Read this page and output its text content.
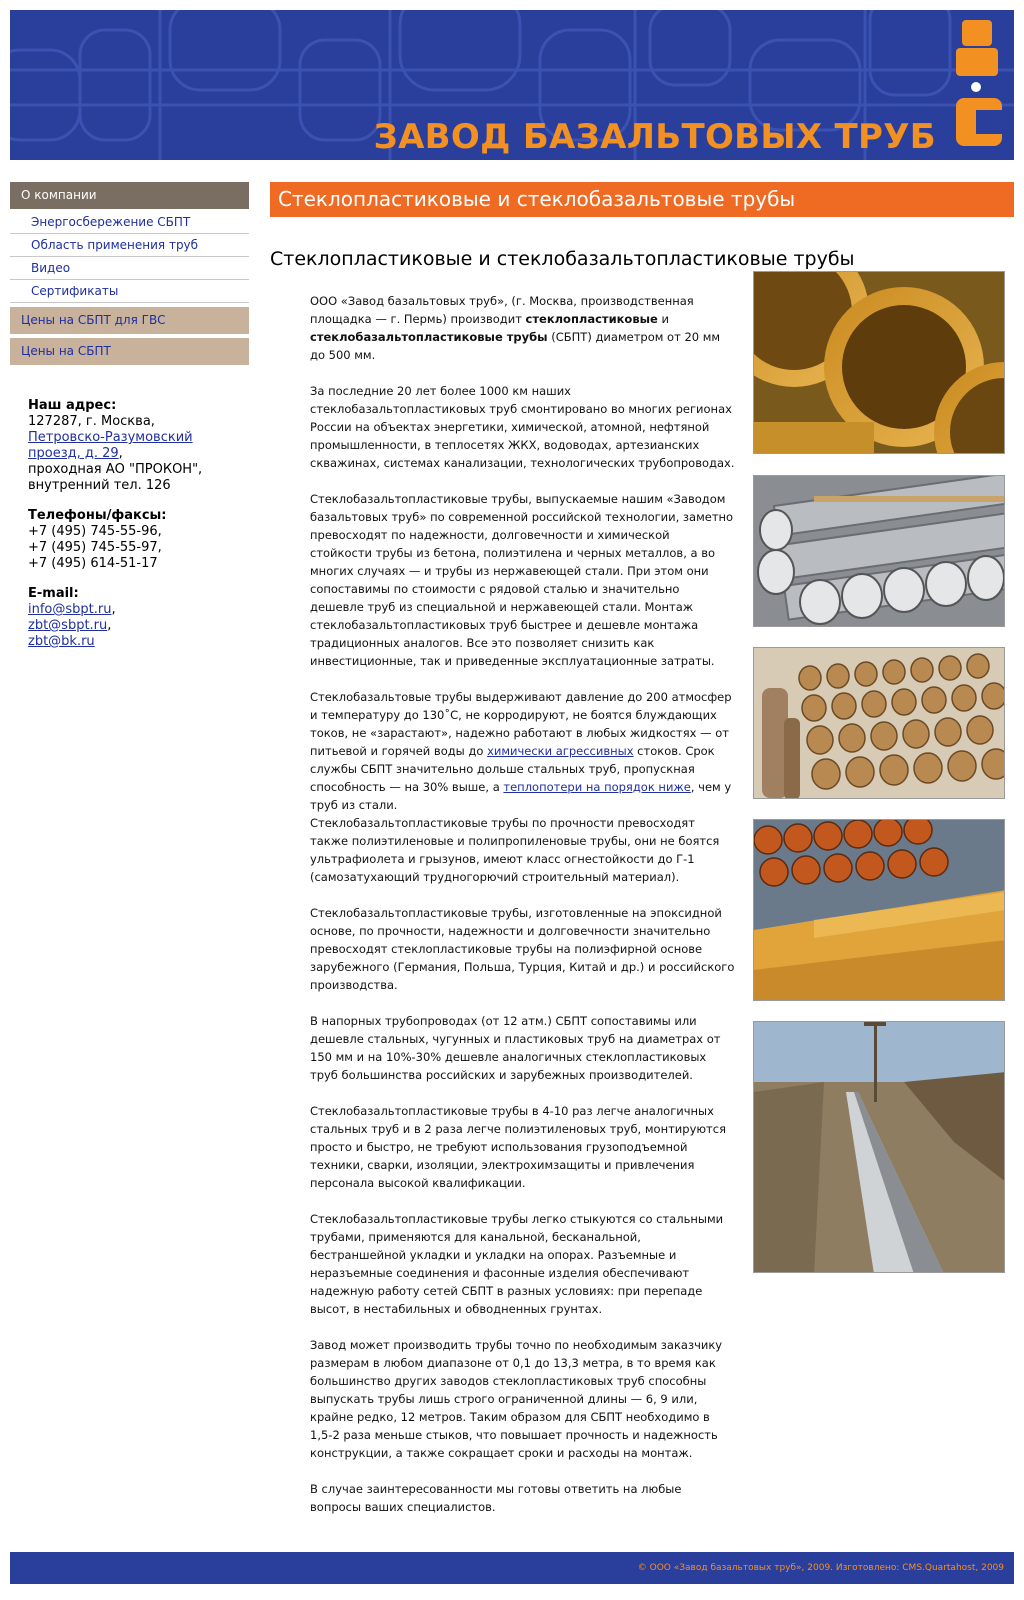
ЗАВОД БАЗАЛЬТОВЫХ ТРУБ
О компании
Энергосбережение СБПТ
Область применения труб
Видео
Сертификаты
Цены на СБПТ для ГВС
Цены на СБПТ
Наш адрес:
127287, г. Москва,
Петровско-Разумовский проезд, д. 29,
проходная АО "ПРОКОН",
внутренний тел. 126
Телефоны/факсы:
+7 (495) 745-55-96,
+7 (495) 745-55-97,
+7 (495) 614-51-17
E-mail:
info@sbpt.ru,
zbt@sbpt.ru,
zbt@bk.ru
Стеклопластиковые и стеклобазальтовые трубы
Стеклопластиковые и стеклобазальтопластиковые трубы

ООО «Завод базальтовых труб», (г. Москва, производственная площадка — г. Пермь) производит стеклопластиковые и стеклобазальтопластиковые трубы (СБПТ) диаметром от 20 мм до 500 мм.

За последние 20 лет более 1000 км наших стеклобазальтопластиковых труб смонтировано во многих регионах России на объектах энергетики, химической, атомной, нефтяной промышленности, в теплосетях ЖКХ, водоводах, артезианских скважинах, системах канализации, технологических трубопроводах.

Стеклобазальтопластиковые трубы, выпускаемые нашим «Заводом базальтовых труб» по современной российской технологии, заметно превосходят по надежности, долговечности и химической стойкости трубы из бетона, полиэтилена и черных металлов, а во многих случаях — и трубы из нержавеющей стали. При этом они сопоставимы по стоимости с рядовой сталью и значительно дешевле труб из специальной и нержавеющей стали. Монтаж стеклобазальтопластиковых труб быстрее и дешевле монтажа традиционных аналогов. Все это позволяет снизить как инвестиционные, так и приведенные эксплуатационные затраты.

Стеклобазальтовые трубы выдерживают давление до 200 атмосфер и температуру до 130˚С, не корродируют, не боятся блуждающих токов, не «зарастают», надежно работают в любых жидкостях — от питьевой и горячей воды до химически агрессивных стоков. Срок службы СБПТ значительно дольше стальных труб, пропускная способность — на 30% выше, а теплопотери на порядок ниже, чем у труб из стали.

Стеклобазальтопластиковые трубы по прочности превосходят также полиэтиленовые и полипропиленовые трубы, они не боятся ультрафиолета и грызунов, имеют класс огнестойкости до Г-1 (самозатухающий трудногорючий строительный материал).

Стеклобазальтопластиковые трубы, изготовленные на эпоксидной основе, по прочности, надежности и долговечности значительно превосходят стеклопластиковые трубы на полиэфирной основе зарубежного (Германия, Польша, Турция, Китай и др.) и российского производства.

В напорных трубопроводах (от 12 атм.) СБПТ сопоставимы или дешевле стальных, чугунных и пластиковых труб на диаметрах от 150 мм и на 10%-30% дешевле аналогичных стеклопластиковых труб большинства российских и зарубежных производителей.

Стеклобазальтопластиковые трубы в 4-10 раз легче аналогичных стальных труб и в 2 раза легче полиэтиленовых труб, монтируются просто и быстро, не требуют использования грузоподъемной техники, сварки, изоляции, электрохимзащиты и привлечения персонала высокой квалификации.

Стеклобазальтопластиковые трубы легко стыкуются со стальными трубами, применяются для канальной, бесканальной, бестраншейной укладки и укладки на опорах. Разъемные и неразъемные соединения и фасонные изделия обеспечивают надежную работу сетей СБПТ в разных условиях: при перепаде высот, в нестабильных и обводненных грунтах.

Завод может производить трубы точно по необходимым заказчику размерам в любом диапазоне от 0,1 до 13,3 метра, в то время как большинство других заводов стеклопластиковых труб способны выпускать трубы лишь строго ограниченной длины — 6, 9 или, крайне редко, 12 метров. Таким образом для СБПТ необходимо в 1,5-2 раза меньше стыков, что повышает прочность и надежность конструкции, а также сокращает сроки и расходы на монтаж.

В случае заинтересованности мы готовы ответить на любые вопросы ваших специалистов.

© ООО «Завод базальтовых труб», 2009. Изготовлено: CMS.Quartahost, 2009
